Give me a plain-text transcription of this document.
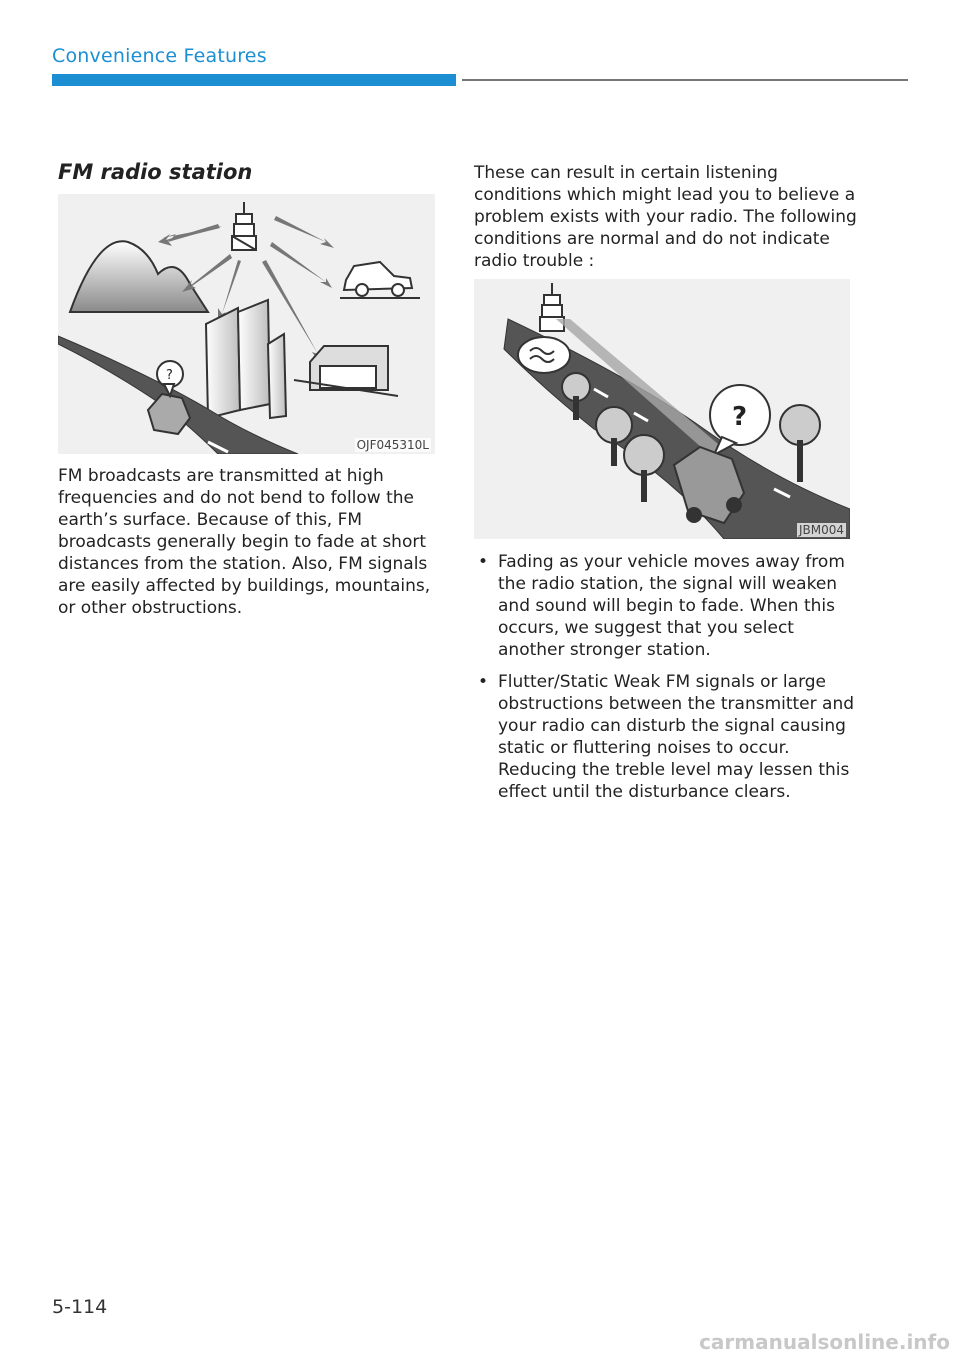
Convenience Features
FM radio station
?
OJF045310L
FM broadcasts are transmitted at high frequencies and do not bend to follow the earth’s surface. Because of this, FM broadcasts generally begin to fade at short distances from the station. Also, FM signals are easily affected by buildings, mountains, or other obstructions.
These can result in certain listening conditions which might lead you to believe a problem exists with your radio. The following conditions are normal and do not indicate radio trouble :
?
JBM004
• Fading as your vehicle moves away from the radio station, the signal will weaken and sound will begin to fade. When this occurs, we suggest that you select another stronger station.
• Flutter/Static Weak FM signals or large obstructions between the transmitter and your radio can disturb the signal causing static or fluttering noises to occur. Reducing the treble level may lessen this effect until the disturbance clears.
5-114
carmanualsonline.info
